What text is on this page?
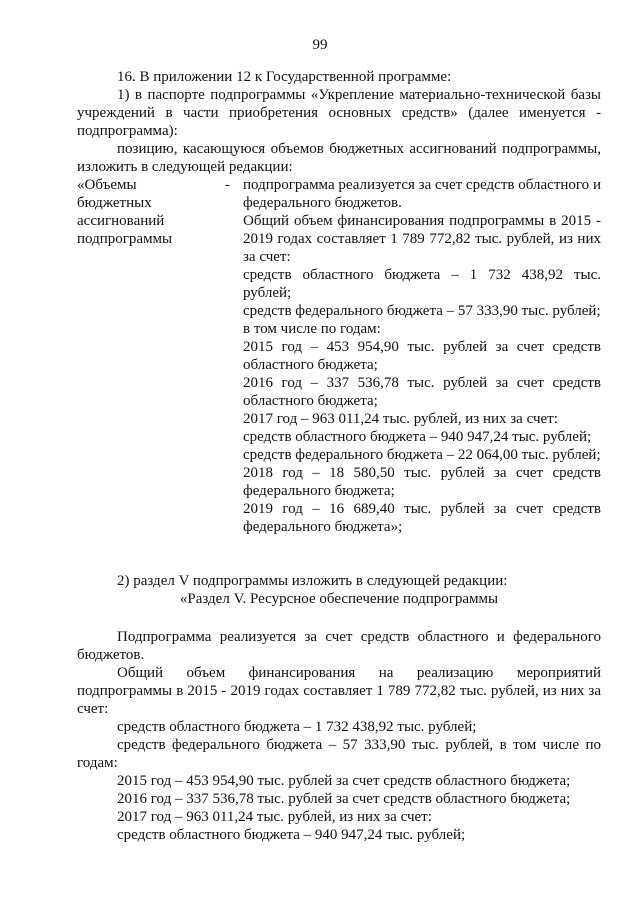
99

16. В приложении 12 к Государственной программе:

1) в паспорте подпрограммы «Укрепление материально-технической базы учреждений в части приобретения основных средств» (далее именуется - подпрограмма):

позицию, касающуюся объемов бюджетных ассигнований подпрограммы, изложить в следующей редакции:

«Объемы
бюджетных
ассигнований
подпрограммы
- подпрограмма реализуется за счет средств областного и федерального бюджетов.

Общий объем финансирования подпрограммы в 2015 - 2019 годах составляет 1 789 772,82 тыс. рублей, из них за счет:

средств областного бюджета – 1 732 438,92 тыс. рублей;

средств федерального бюджета – 57 333,90 тыс. рублей;

в том числе по годам:

2015 год – 453 954,90 тыс. рублей за счет средств областного бюджета;

2016 год – 337 536,78 тыс. рублей за счет средств областного бюджета;

2017 год – 963 011,24 тыс. рублей, из них за счет:

средств областного бюджета – 940 947,24 тыс. рублей;

средств федерального бюджета – 22 064,00 тыс. рублей;

2018 год – 18 580,50 тыс. рублей за счет средств федерального бюджета;

2019 год – 16 689,40 тыс. рублей за счет средств федерального бюджета»;

2) раздел V подпрограммы изложить в следующей редакции:

«Раздел V. Ресурсное обеспечение подпрограммы

Подпрограмма реализуется за счет средств областного и федерального бюджетов.

Общий объем финансирования на реализацию мероприятий подпрограммы в 2015 - 2019 годах составляет 1 789 772,82 тыс. рублей, из них за счет:

средств областного бюджета – 1 732 438,92 тыс. рублей;

средств федерального бюджета – 57 333,90 тыс. рублей, в том числе по годам:

2015 год – 453 954,90 тыс. рублей за счет средств областного бюджета;

2016 год – 337 536,78 тыс. рублей за счет средств областного бюджета;

2017 год – 963 011,24 тыс. рублей, из них за счет:

средств областного бюджета – 940 947,24 тыс. рублей;
